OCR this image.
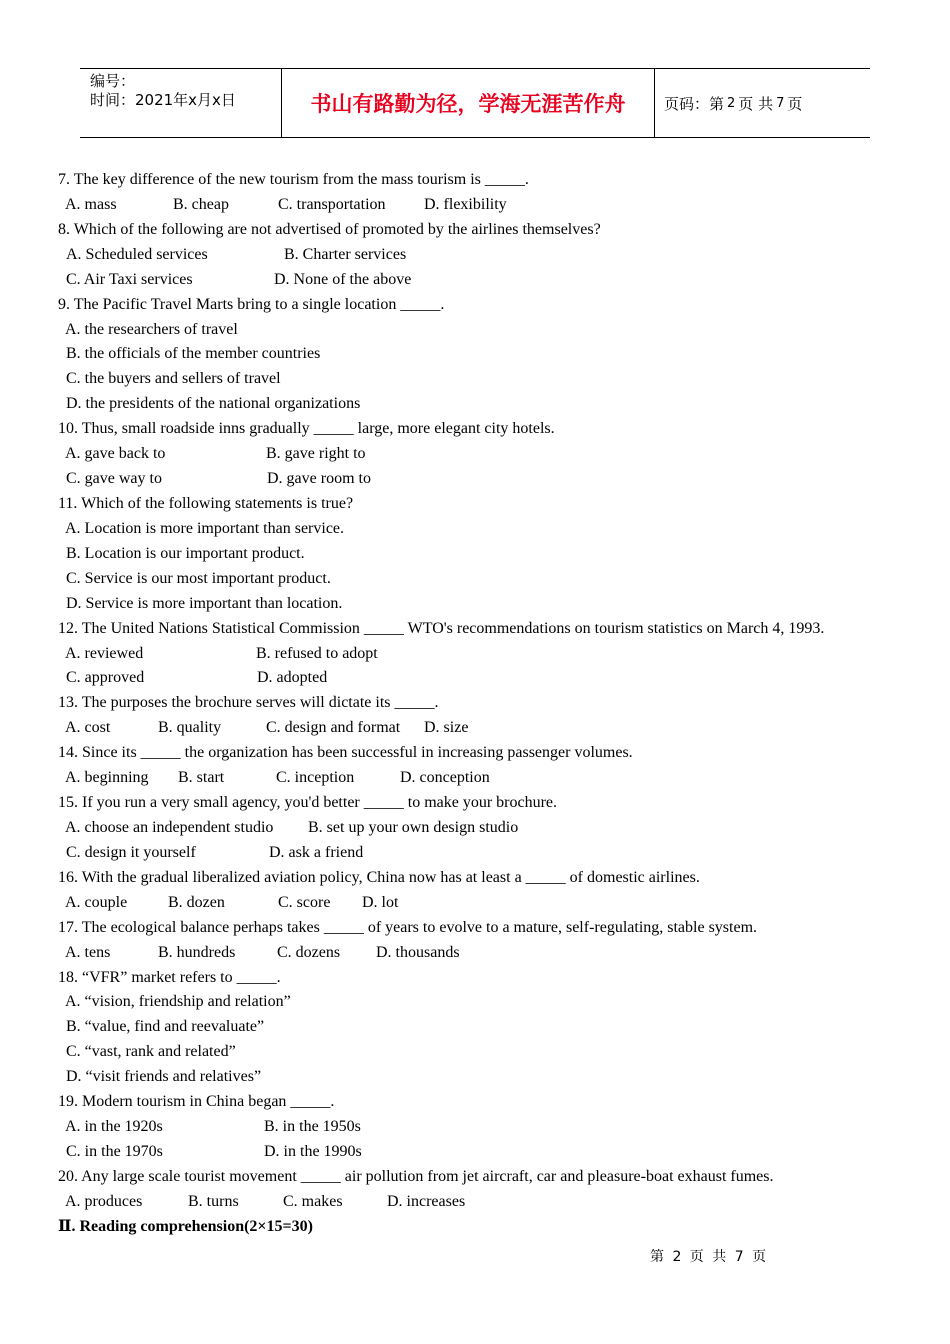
编号：
时间：2021年x月x日	书山有路勤为径，学海无涯苦作舟	页码：第 2 页 共 7 页
7. The key difference of the new tourism from the mass tourism is _____.
A. mass	B. cheap	C. transportation D. flexibility
8. Which of the following are not advertised of promoted by the airlines themselves?
A. Scheduled services	B. Charter services
C. Air Taxi services	D. None of the above
9. The Pacific Travel Marts bring to a single location _____.
A. the researchers of travel
B. the officials of the member countries
C. the buyers and sellers of travel
D. the presidents of the national organizations
10. Thus, small roadside inns gradually _____ large, more elegant city hotels.
A. gave back to	B. gave right to
C. gave way to	D. gave room to
11. Which of the following statements is true?
A. Location is more important than service.
B. Location is our important product.
C. Service is our most important product.
D. Service is more important than location.
12. The United Nations Statistical Commission _____ WTO's recommendations on tourism statistics on March 4, 1993.
A. reviewed	B. refused to adopt
C. approved	D. adopted
13. The purposes the brochure serves will dictate its _____.
A. cost	B. quality	C. design and format D. size
14. Since its _____ the organization has been successful in increasing passenger volumes.
A. beginning B. start	C. inception	D. conception
15. If you run a very small agency, you'd better _____ to make your brochure.
A. choose an independent studio B. set up your own design studio
C. design it yourself	D. ask a friend
16. With the gradual liberalized aviation policy, China now has at least a _____ of domestic airlines.
A. couple	B. dozen	C. score D. lot
17. The ecological balance perhaps takes _____ of years to evolve to a mature, self-regulating, stable system.
A. tens	B. hundreds	C. dozens D. thousands
18. “VFR” market refers to _____.
A. “vision, friendship and relation”
B. “value, find and reevaluate”
C. “vast, rank and related”
D. “visit friends and relatives”
19. Modern tourism in China began _____.
A. in the 1920s	B. in the 1950s
C. in the 1970s	D. in the 1990s
20. Any large scale tourist movement _____ air pollution from jet aircraft, car and pleasure-boat exhaust fumes.
A. produces	B. turns	C. makes	D. increases
Ⅱ. Reading comprehension(2×15=30)
第 2 页 共 7 页
